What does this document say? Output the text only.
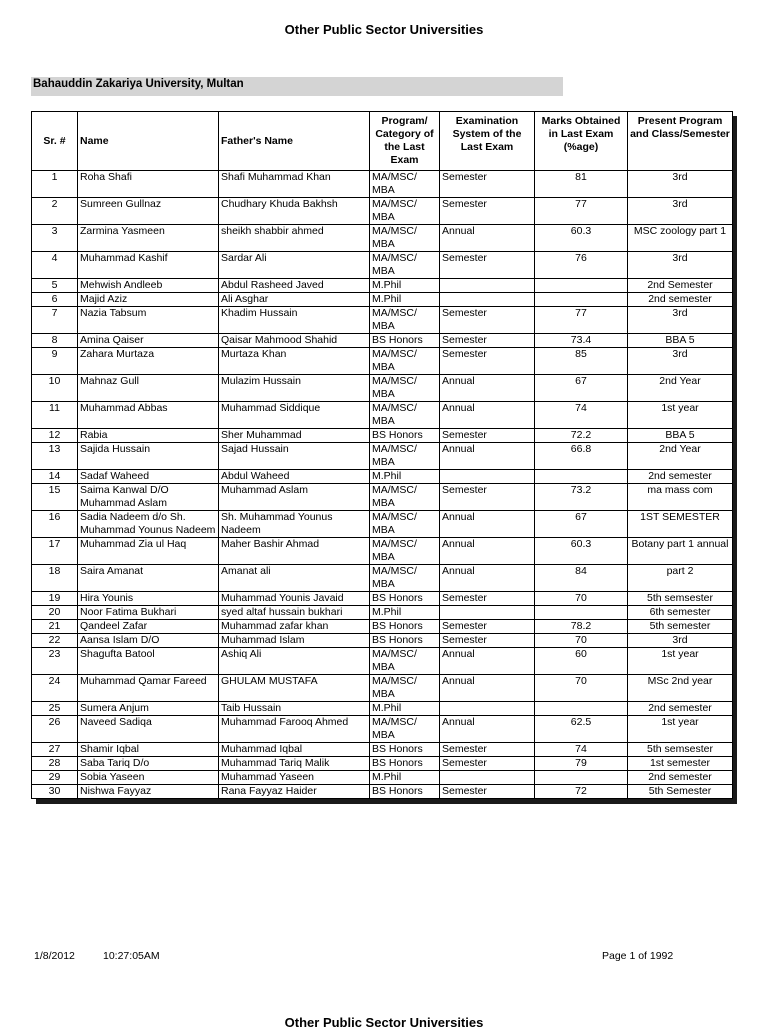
Other Public Sector Universities
Bahauddin Zakariya University, Multan
Sr. #	Name	Father's Name	Program/ Category of the Last Exam	Examination System of the Last Exam	Marks Obtained in Last Exam (%age)	Present Program and Class/Semester
1	Roha Shafi	Shafi Muhammad Khan	MA/MSC/ MBA	Semester	81	3rd
2	Sumreen Gullnaz	Chudhary Khuda Bakhsh	MA/MSC/ MBA	Semester	77	3rd
3	Zarmina Yasmeen	sheikh shabbir ahmed	MA/MSC/ MBA	Annual	60.3	MSC zoology part 1
4	Muhammad Kashif	Sardar Ali	MA/MSC/ MBA	Semester	76	3rd
5	Mehwish Andleeb	Abdul Rasheed Javed	M.Phil			2nd Semester
6	Majid Aziz	Ali Asghar	M.Phil			2nd semester
7	Nazia Tabsum	Khadim Hussain	MA/MSC/ MBA	Semester	77	3rd
8	Amina Qaiser	Qaisar Mahmood Shahid	BS Honors	Semester	73.4	BBA 5
9	Zahara Murtaza	Murtaza Khan	MA/MSC/ MBA	Semester	85	3rd
10	Mahnaz Gull	Mulazim Hussain	MA/MSC/ MBA	Annual	67	2nd Year
11	Muhammad Abbas	Muhammad Siddique	MA/MSC/ MBA	Annual	74	1st year
12	Rabia	Sher Muhammad	BS Honors	Semester	72.2	BBA 5
13	Sajida Hussain	Sajad Hussain	MA/MSC/ MBA	Annual	66.8	2nd Year
14	Sadaf Waheed	Abdul Waheed	M.Phil			2nd semester
15	Saima Kanwal D/O Muhammad Aslam	Muhammad Aslam	MA/MSC/ MBA	Semester	73.2	ma mass com
16	Sadia Nadeem d/o Sh. Muhammad Younus Nadeem	Sh. Muhammad Younus Nadeem	MA/MSC/ MBA	Annual	67	1ST SEMESTER
17	Muhammad Zia ul Haq	Maher Bashir Ahmad	MA/MSC/ MBA	Annual	60.3	Botany part 1 annual
18	Saira Amanat	Amanat ali	MA/MSC/ MBA	Annual	84	part 2
19	Hira Younis	Muhammad Younis Javaid	BS Honors	Semester	70	5th semsester
20	Noor Fatima Bukhari	syed altaf hussain bukhari	M.Phil			6th semester
21	Qandeel Zafar	Muhammad zafar khan	BS Honors	Semester	78.2	5th semester
22	Aansa Islam D/O	Muhammad Islam	BS Honors	Semester	70	3rd
23	Shagufta Batool	Ashiq Ali	MA/MSC/ MBA	Annual	60	1st year
24	Muhammad Qamar Fareed	GHULAM MUSTAFA	MA/MSC/ MBA	Annual	70	MSc 2nd year
25	Sumera Anjum	Taib Hussain	M.Phil			2nd semester
26	Naveed Sadiqa	Muhammad Farooq Ahmed	MA/MSC/ MBA	Annual	62.5	1st year
27	Shamir Iqbal	Muhammad Iqbal	BS Honors	Semester	74	5th semsester
28	Saba Tariq D/o	Muhammad Tariq Malik	BS Honors	Semester	79	1st semester
29	Sobia Yaseen	Muhammad Yaseen	M.Phil			2nd semester
30	Nishwa Fayyaz	Rana Fayyaz Haider	BS Honors	Semester	72	5th Semester
1/8/2012	10:27:05AM	Page 1 of 1992
Other Public Sector Universities
